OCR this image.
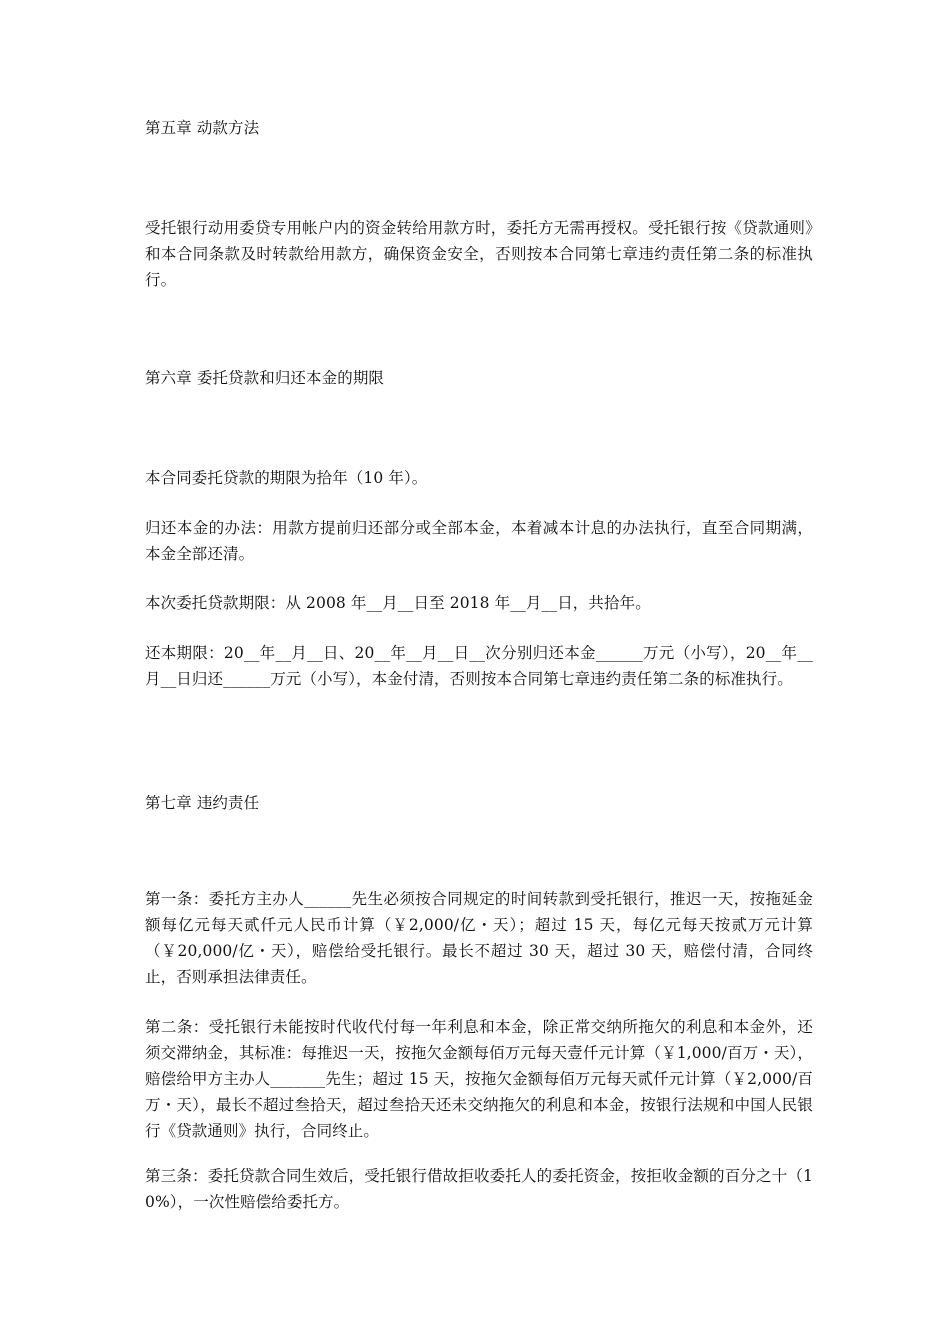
第五章 动款方法

受托银行动用委贷专用帐户内的资金转给用款方时，委托方无需再授权。受托银行按《贷款通则》和本合同条款及时转款给用款方，确保资金安全，否则按本合同第七章违约责任第二条的标准执行。

第六章 委托贷款和归还本金的期限

本合同委托贷款的期限为拾年（10 年）。

归还本金的办法：用款方提前归还部分或全部本金，本着减本计息的办法执行，直至合同期满，本金全部还清。

本次委托贷款期限：从 2008 年__月__日至 2018 年__月__日，共拾年。

还本期限：20__年__月__日、20__年__月__日__次分别归还本金______万元（小写），20__年__月__日归还______万元（小写），本金付清，否则按本合同第七章违约责任第二条的标准执行。

第七章 违约责任

第一条：委托方主办人______先生必须按合同规定的时间转款到受托银行，推迟一天，按拖延金额每亿元每天贰仟元人民币计算（￥2,000/亿・天）；超过 15 天，每亿元每天按贰万元计算（￥20,000/亿・天），赔偿给受托银行。最长不超过 30 天，超过 30 天，赔偿付清，合同终止，否则承担法律责任。

第二条：受托银行未能按时代收代付每一年利息和本金，除正常交纳所拖欠的利息和本金外，还须交滞纳金，其标准：每推迟一天，按拖欠金额每佰万元每天壹仟元计算（￥1,000/百万・天），赔偿给甲方主办人_______先生；超过 15 天，按拖欠金额每佰万元每天贰仟元计算（￥2,000/百万・天），最长不超过叁拾天，超过叁拾天还未交纳拖欠的利息和本金，按银行法规和中国人民银行《贷款通则》执行，合同终止。

第三条：委托贷款合同生效后，受托银行借故拒收委托人的委托资金，按拒收金额的百分之十（10%），一次性赔偿给委托方。
